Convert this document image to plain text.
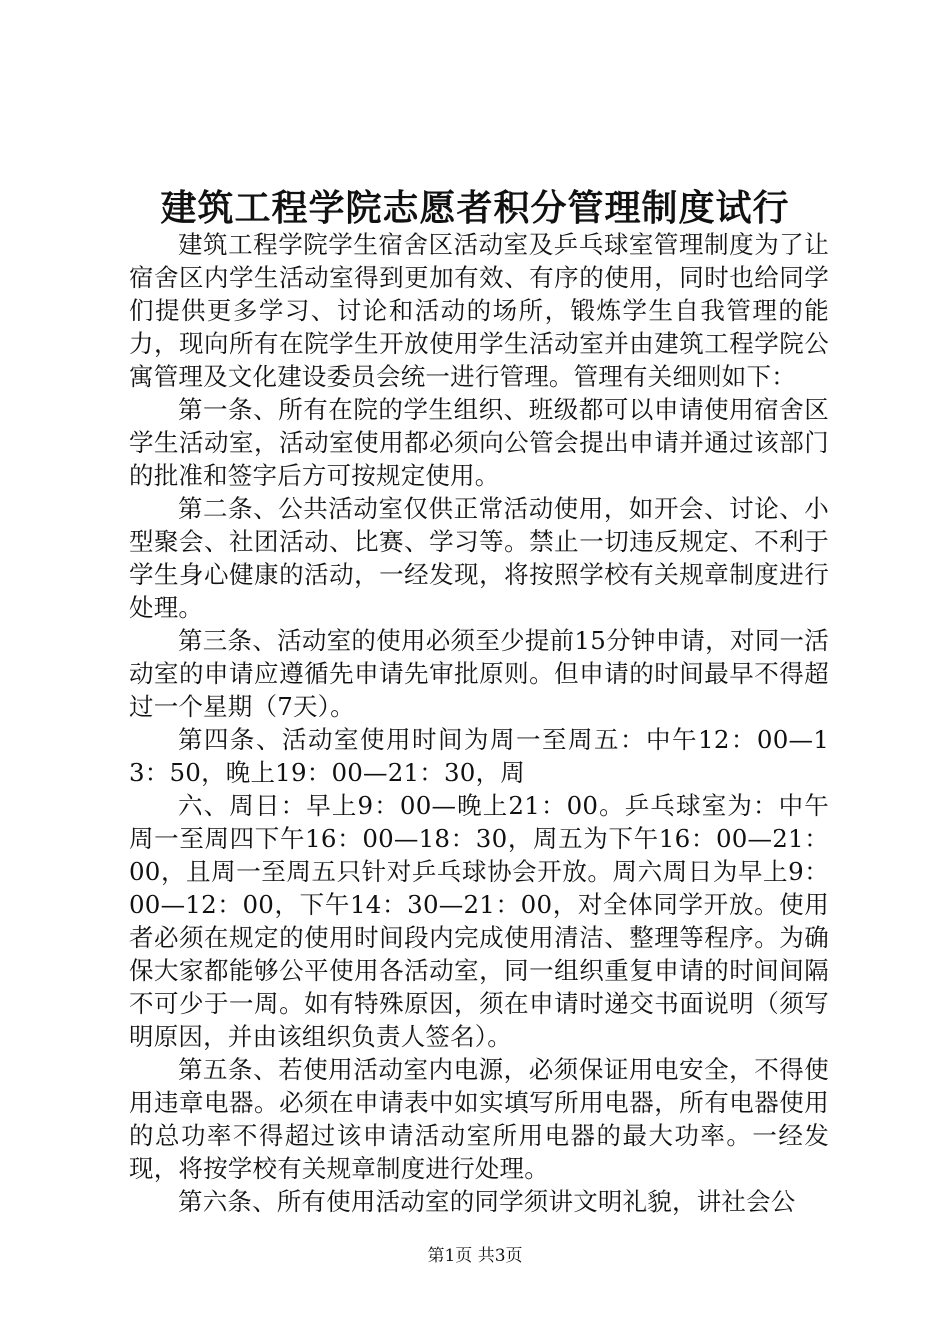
建筑工程学院志愿者积分管理制度试行

建筑工程学院学生宿舍区活动室及乒乓球室管理制度为了让宿舍区内学生活动室得到更加有效、有序的使用，同时也给同学们提供更多学习、讨论和活动的场所，锻炼学生自我管理的能力，现向所有在院学生开放使用学生活动室并由建筑工程学院公寓管理及文化建设委员会统一进行管理。管理有关细则如下：

第一条、所有在院的学生组织、班级都可以申请使用宿舍区学生活动室，活动室使用都必须向公管会提出申请并通过该部门的批准和签字后方可按规定使用。

第二条、公共活动室仅供正常活动使用，如开会、讨论、小型聚会、社团活动、比赛、学习等。禁止一切违反规定、不利于学生身心健康的活动，一经发现，将按照学校有关规章制度进行处理。

第三条、活动室的使用必须至少提前15分钟申请，对同一活动室的申请应遵循先申请先审批原则。但申请的时间最早不得超过一个星期（7天）。

第四条、活动室使用时间为周一至周五：中午12：00—13：50，晚上19：00—21：30，周

六、周日：早上9：00—晚上21：00。乒乓球室为：中午周一至周四下午16：00—18：30，周五为下午16：00—21：00，且周一至周五只针对乒乓球协会开放。周六周日为早上9：00—12：00，下午14：30—21：00，对全体同学开放。使用者必须在规定的使用时间段内完成使用清洁、整理等程序。为确保大家都能够公平使用各活动室，同一组织重复申请的时间间隔不可少于一周。如有特殊原因，须在申请时递交书面说明（须写明原因，并由该组织负责人签名）。

第五条、若使用活动室内电源，必须保证用电安全，不得使用违章电器。必须在申请表中如实填写所用电器，所有电器使用的总功率不得超过该申请活动室所用电器的最大功率。一经发现，将按学校有关规章制度进行处理。

第六条、所有使用活动室的同学须讲文明礼貌，讲社会公

第1页 共3页
